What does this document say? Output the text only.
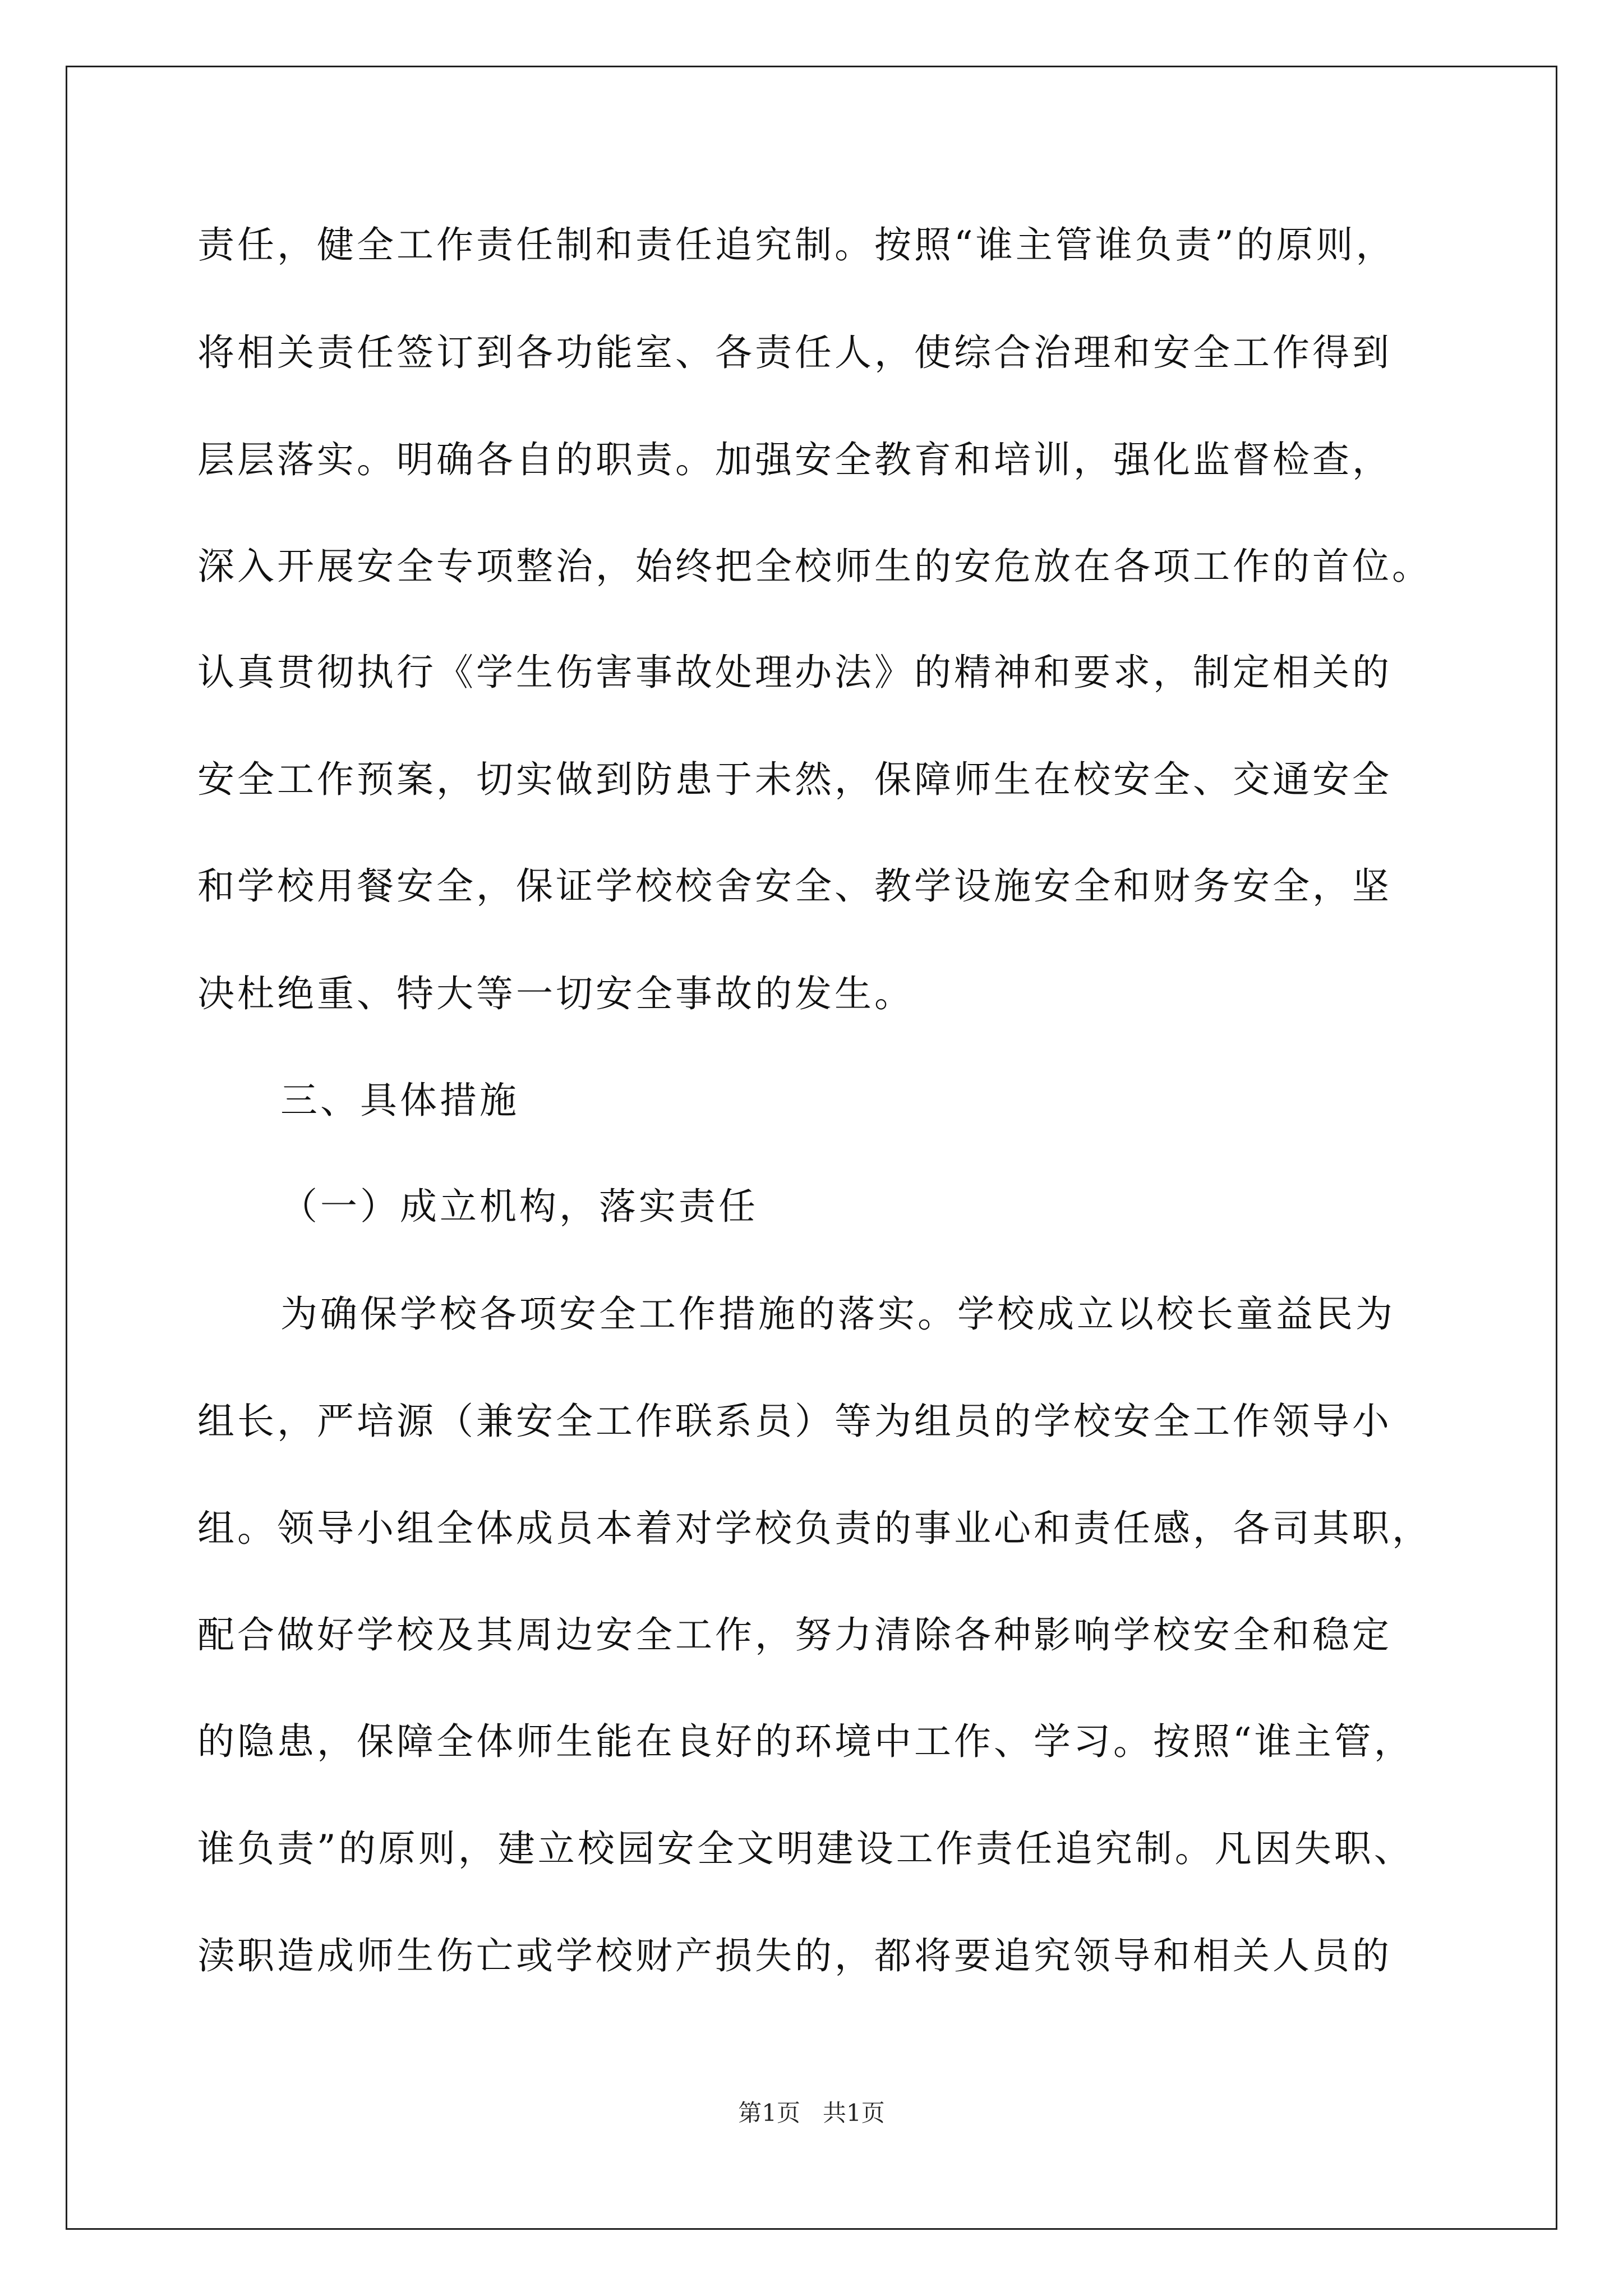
责任，健全工作责任制和责任追究制。按照“谁主管谁负责”的原则，
将相关责任签订到各功能室、各责任人，使综合治理和安全工作得到
层层落实。明确各自的职责。加强安全教育和培训，强化监督检查，
深入开展安全专项整治，始终把全校师生的安危放在各项工作的首位。
认真贯彻执行《学生伤害事故处理办法》的精神和要求，制定相关的
安全工作预案，切实做到防患于未然，保障师生在校安全、交通安全
和学校用餐安全，保证学校校舍安全、教学设施安全和财务安全，坚
决杜绝重、特大等一切安全事故的发生。
三、具体措施
（一）成立机构，落实责任
为确保学校各项安全工作措施的落实。学校成立以校长童益民为
组长，严培源（兼安全工作联系员）等为组员的学校安全工作领导小
组。领导小组全体成员本着对学校负责的事业心和责任感，各司其职，
配合做好学校及其周边安全工作，努力清除各种影响学校安全和稳定
的隐患，保障全体师生能在良好的环境中工作、学习。按照“谁主管，
谁负责”的原则，建立校园安全文明建设工作责任追究制。凡因失职、
渎职造成师生伤亡或学校财产损失的，都将要追究领导和相关人员的
第1页   共1页
